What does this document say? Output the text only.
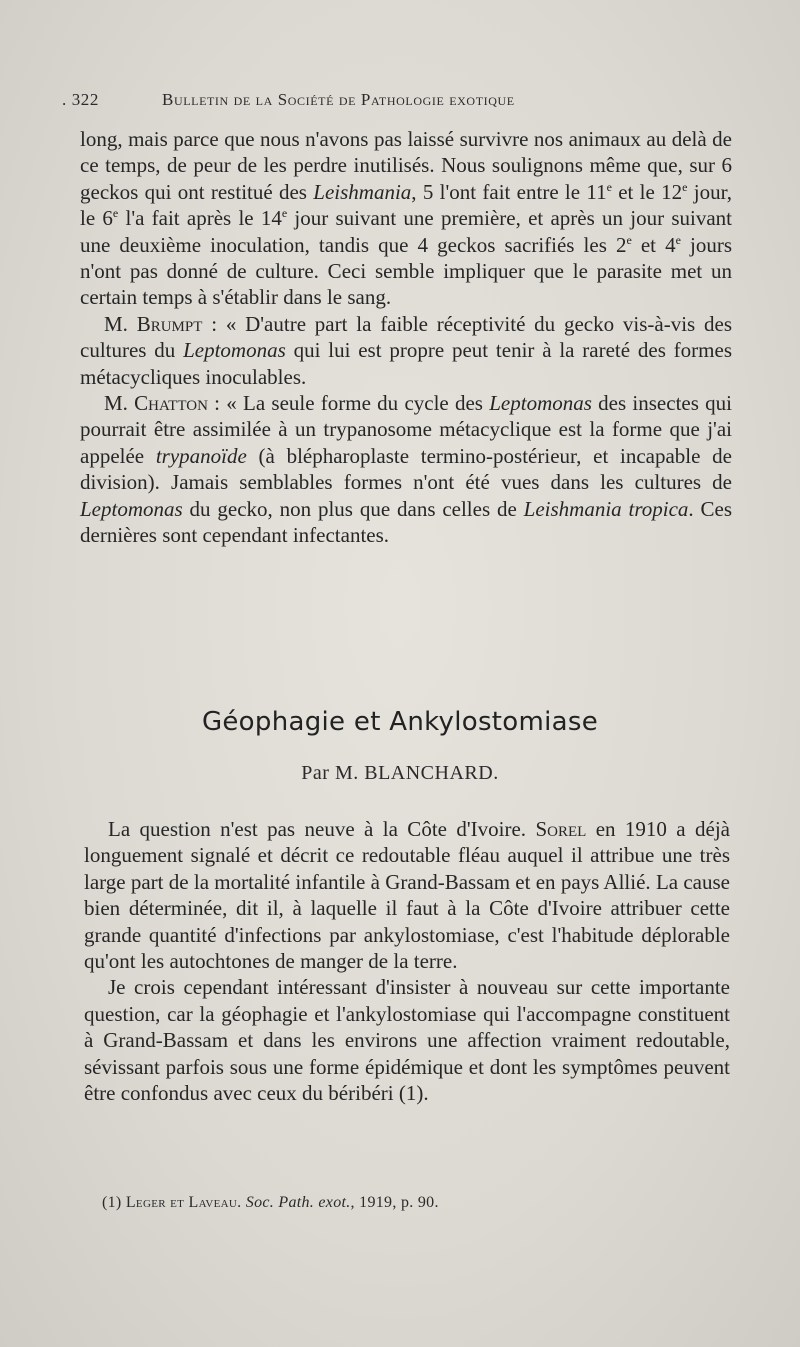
. 322	Bulletin de la Société de Pathologie exotique

long, mais parce que nous n'avons pas laissé survivre nos animaux au delà de ce temps, de peur de les perdre inutilisés. Nous soulignons même que, sur 6 geckos qui ont restitué des Leishmania, 5 l'ont fait entre le 11e et le 12e jour, le 6e l'a fait après le 14e jour suivant une première, et après un jour suivant une deuxième inoculation, tandis que 4 geckos sacrifiés les 2e et 4e jours n'ont pas donné de culture. Ceci semble impliquer que le parasite met un certain temps à s'établir dans le sang.

M. Brumpt : « D'autre part la faible réceptivité du gecko vis-à-vis des cultures du Leptomonas qui lui est propre peut tenir à la rareté des formes métacycliques inoculables.

M. Chatton : « La seule forme du cycle des Leptomonas des insectes qui pourrait être assimilée à un trypanosome métacyclique est la forme que j'ai appelée trypanoïde (à blépharoplaste termino-postérieur, et incapable de division). Jamais semblables formes n'ont été vues dans les cultures de Leptomonas du gecko, non plus que dans celles de Leishmania tropica. Ces dernières sont cependant infectantes.

Géophagie et Ankylostomiase
Par M. BLANCHARD.

La question n'est pas neuve à la Côte d'Ivoire. Sorel en 1910 a déjà longuement signalé et décrit ce redoutable fléau auquel il attribue une très large part de la mortalité infantile à Grand-Bassam et en pays Allié. La cause bien déterminée, dit il, à laquelle il faut à la Côte d'Ivoire attribuer cette grande quantité d'infections par ankylostomiase, c'est l'habitude déplorable qu'ont les autochtones de manger de la terre.

Je crois cependant intéressant d'insister à nouveau sur cette importante question, car la géophagie et l'ankylostomiase qui l'accompagne constituent à Grand-Bassam et dans les environs une affection vraiment redoutable, sévissant parfois sous une forme épidémique et dont les symptômes peuvent être confondus avec ceux du béribéri (1).

(1) Leger et Laveau. Soc. Path. exot., 1919, p. 90.
